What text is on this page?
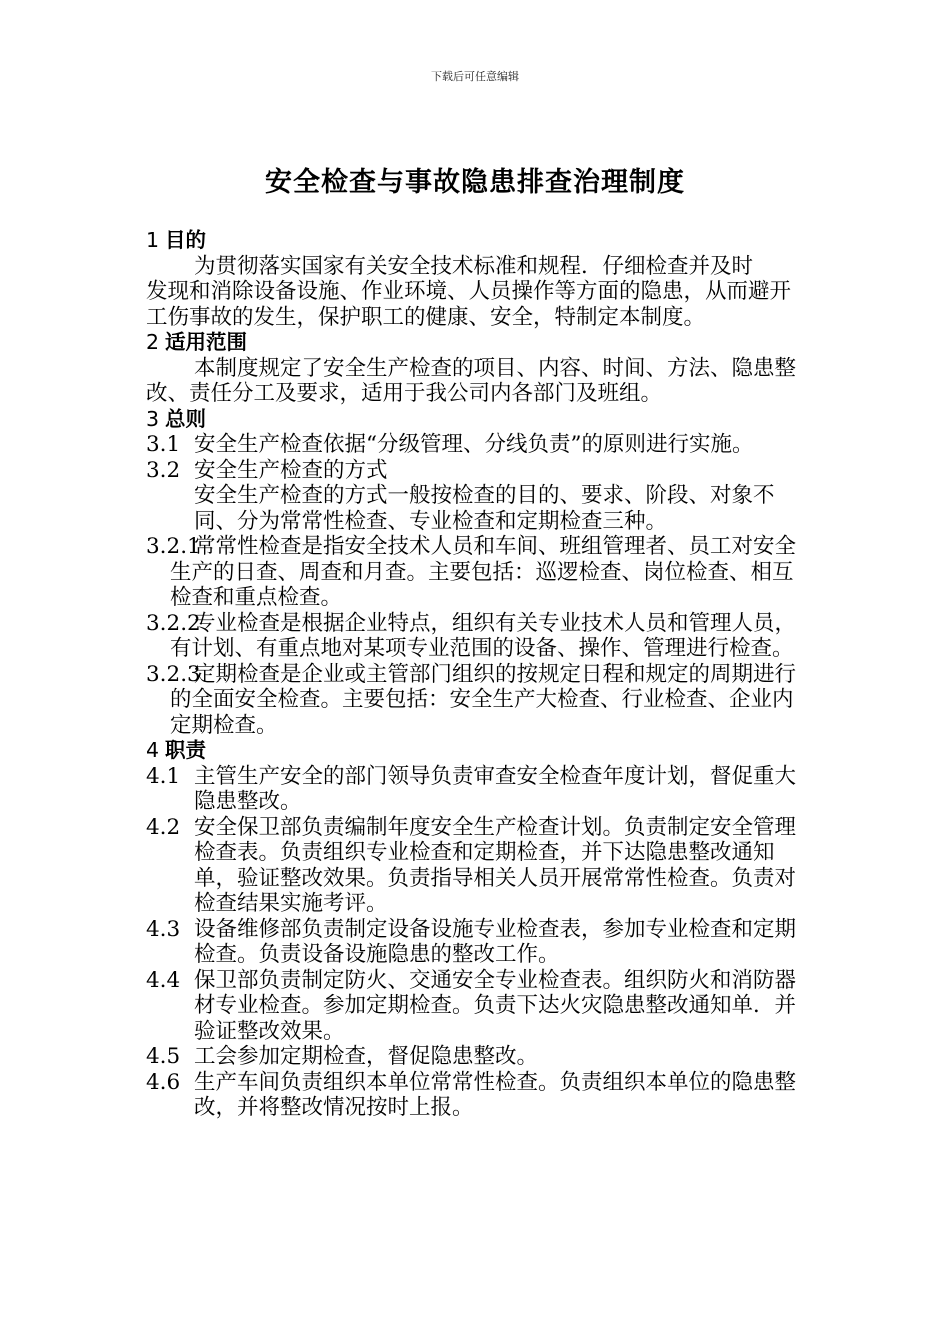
下载后可任意编辑
安全检查与事故隐患排查治理制度
1 目的
为贯彻落实国家有关安全技术标准和规程．仔细检查并及时
发现和消除设备设施、作业环境、人员操作等方面的隐患，从而避开工伤事故的发生，保护职工的健康、安全，特制定本制度。
2 适用范围
本制度规定了安全生产检查的项目、内容、时间、方法、隐患整改、责任分工及要求，适用于我公司内各部门及班组。
3 总则
3.1 安全生产检查依据“分级管理、分线负责”的原则进行实施。
3.2 安全生产检查的方式
安全生产检查的方式一般按检查的目的、要求、阶段、对象不同、分为常常性检查、专业检查和定期检查三种。
3.2.1
常常性检查是指安全技术人员和车间、班组管理者、员工对安全生产的日查、周查和月查。主要包括：巡逻检查、岗位检查、相互检查和重点检查。
3.2.2
专业检查是根据企业特点，组织有关专业技术人员和管理人员，有计划、有重点地对某项专业范围的设备、操作、管理进行检查。
3.2.3
定期检查是企业或主管部门组织的按规定日程和规定的周期进行的全面安全检查。主要包括：安全生产大检查、行业检查、企业内定期检查。
4 职责
4.1 主管生产安全的部门领导负责审查安全检查年度计划，督促重大隐患整改。
4.2 安全保卫部负责编制年度安全生产检查计划。负责制定安全管理检查表。负责组织专业检查和定期检查，并下达隐患整改通知单，验证整改效果。负责指导相关人员开展常常性检查。负责对检查结果实施考评。
4.3 设备维修部负责制定设备设施专业检查表，参加专业检查和定期检查。负责设备设施隐患的整改工作。
4.4 保卫部负责制定防火、交通安全专业检查表。组织防火和消防器材专业检查。参加定期检查。负责下达火灾隐患整改通知单．并验证整改效果。
4.5 工会参加定期检查，督促隐患整改。
4.6 生产车间负责组织本单位常常性检查。负责组织本单位的隐患整改，并将整改情况按时上报。
